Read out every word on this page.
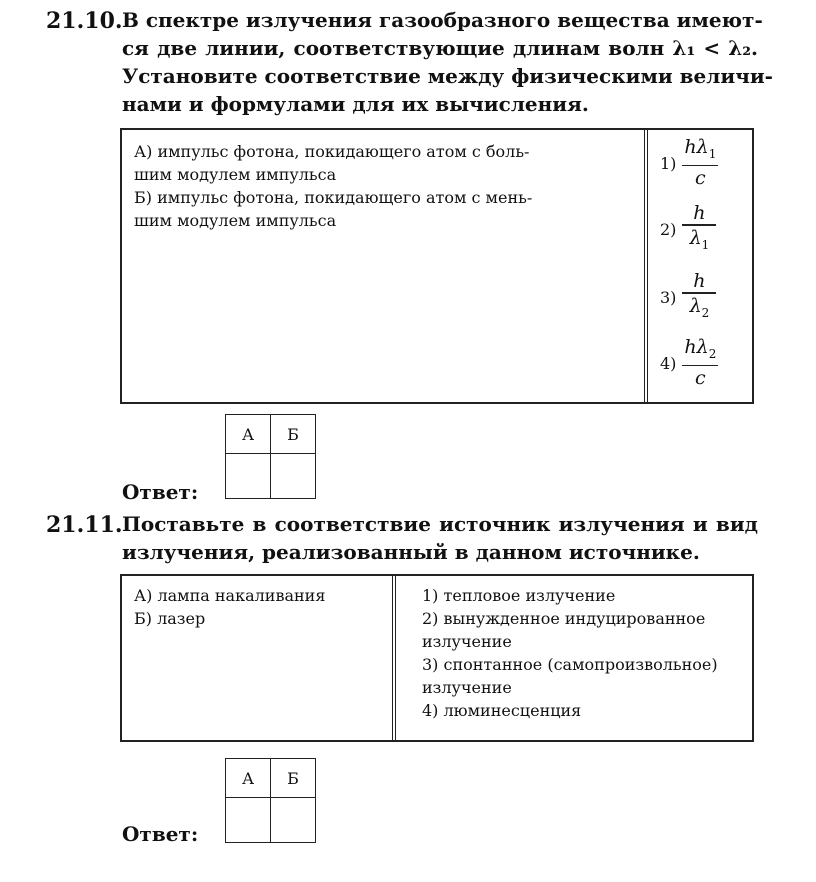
21.10. В спектре излучения газообразного вещества имеют-
ся две линии, соответствующие длинам волн λ₁ < λ₂.
Установите соответствие между физическими величи-
нами и формулами для их вычисления.
А) импульс фотона, покидающего атом с боль-
шим модулем импульса
Б) импульс фотона, покидающего атом с мень-
шим модулем импульса
$1) \frac{h\lambda_1}{c}$
$2) \frac{h}{\lambda_1}$
$3) \frac{h}{\lambda_2}$
$4) \frac{h\lambda_2}{c}$
А	Б

Ответ:
21.11. Поставьте в соответствие источник излучения и вид
излучения, реализованный в данном источнике.
А) лампа накаливания
Б) лазер
1) тепловое излучение
2) вынужденное индуцированное
излучение
3) спонтанное (самопроизвольное)
излучение
4) люминесценция
А	Б

Ответ:
